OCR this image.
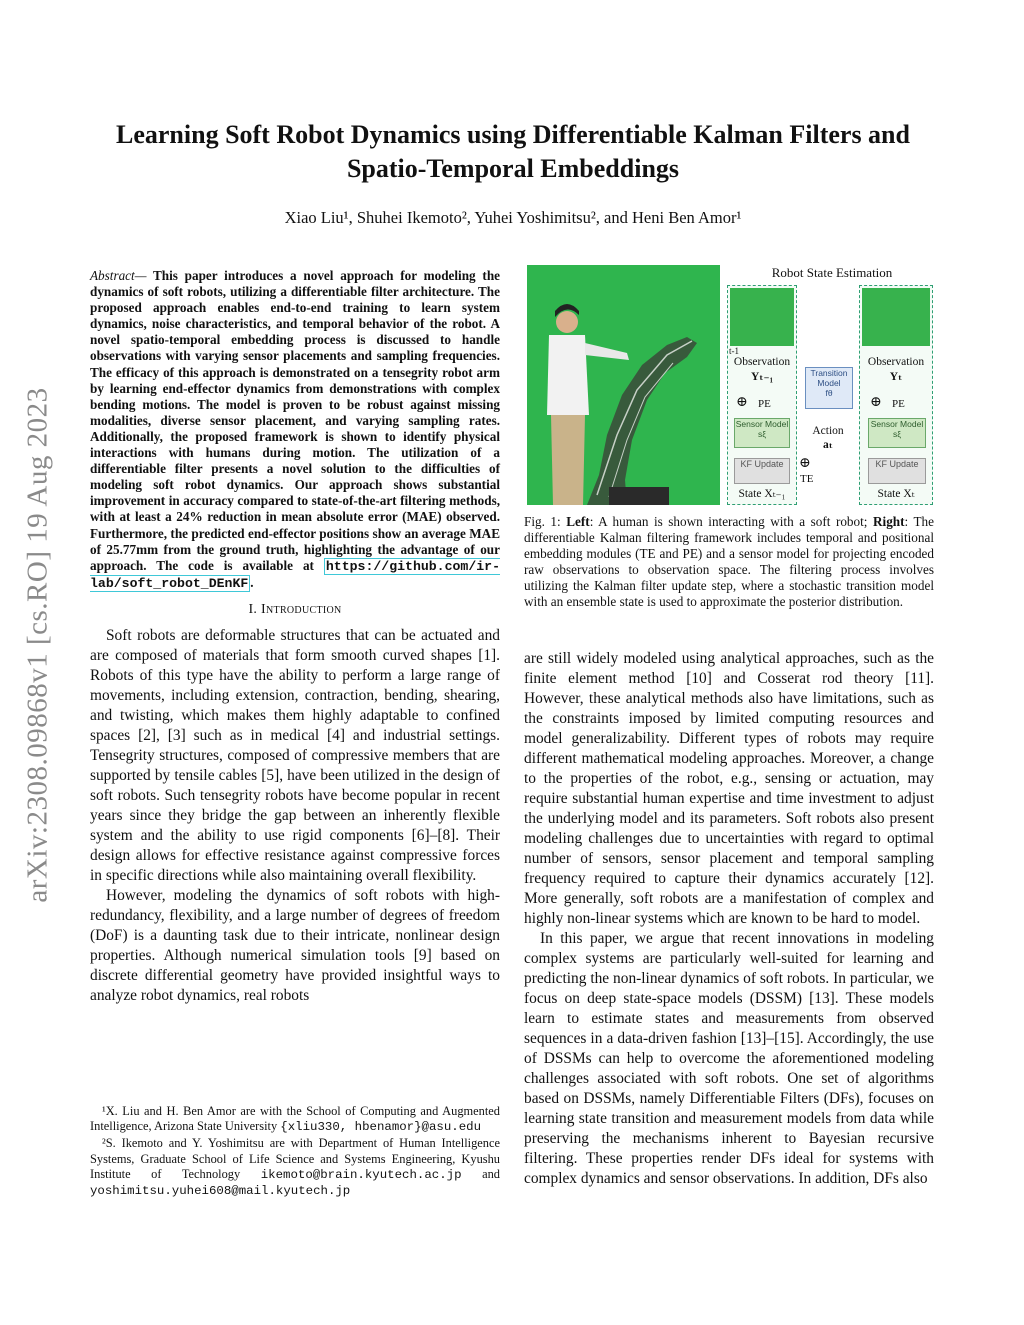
arXiv:2308.09868v1 [cs.RO] 19 Aug 2023
Learning Soft Robot Dynamics using Differentiable Kalman Filters and
Spatio-Temporal Embeddings
Xiao Liu¹, Shuhei Ikemoto², Yuhei Yoshimitsu², and Heni Ben Amor¹

Abstract— This paper introduces a novel approach for modeling the dynamics of soft robots, utilizing a differentiable filter architecture. The proposed approach enables end-to-end training to learn system dynamics, noise characteristics, and temporal behavior of the robot. A novel spatio-temporal embedding process is discussed to handle observations with varying sensor placements and sampling frequencies. The efficacy of this approach is demonstrated on a tensegrity robot arm by learning end-effector dynamics from demonstrations with complex bending motions. The model is proven to be robust against missing modalities, diverse sensor placement, and varying sampling rates. Additionally, the proposed framework is shown to identify physical interactions with humans during motion. The utilization of a differentiable filter presents a novel solution to the difficulties of modeling soft robot dynamics. Our approach shows substantial improvement in accuracy compared to state-of-the-art filtering methods, with at least a 24% reduction in mean absolute error (MAE) observed. Furthermore, the predicted end-effector positions show an average MAE of 25.77mm from the ground truth, highlighting the advantage of our approach. The code is available at https://github.com/ir-lab/soft_robot_DEnKF .

I. Introduction

Soft robots are deformable structures that can be actuated and are composed of materials that form smooth curved shapes [1]. Robots of this type have the ability to perform a large range of movements, including extension, contraction, bending, shearing, and twisting, which makes them highly adaptable to confined spaces [2], [3] such as in medical [4] and industrial settings. Tensegrity structures, composed of compressive members that are supported by tensile cables [5], have been utilized in the design of soft robots. Such tensegrity robots have become popular in recent years since they bridge the gap between an inherently flexible system and the ability to use rigid components [6]–[8]. Their design allows for effective resistance against compressive forces in specific directions while also maintaining overall flexibility.

However, modeling the dynamics of soft robots with high-redundancy, flexibility, and a large number of degrees of freedom (DoF) is a daunting task due to their intricate, nonlinear design properties. Although numerical simulation tools [9] based on discrete differential geometry have provided insightful ways to analyze robot dynamics, real robots

¹X. Liu and H. Ben Amor are with the School of Computing and Augmented Intelligence, Arizona State University {xliu330, hbenamor}@asu.edu

²S. Ikemoto and Y. Yoshimitsu are with Department of Human Intelligence Systems, Graduate School of Life Science and Systems Engineering, Kyushu Institute of Technology ikemoto@brain.kyutech.ac.jp and yoshimitsu.yuhei608@mail.kyutech.jp

Robot State Estimation
t-1
Observation
Yₜ₋₁
⊕ PE
Sensor Model
sξ
KF Update
State Xₜ₋₁
Transition Model
fθ
Action
aₜ
⊕
TE
Observation
Yₜ
⊕ PE
Sensor Model
sξ
KF Update
State Xₜ
Fig. 1: Left: A human is shown interacting with a soft robot; Right: The differentiable Kalman filtering framework includes temporal and positional embedding modules (TE and PE) and a sensor model for projecting encoded raw observations to observation space. The filtering process involves utilizing the Kalman filter update step, where a stochastic transition model with an ensemble state is used to approximate the posterior distribution.

are still widely modeled using analytical approaches, such as the finite element method [10] and Cosserat rod theory [11]. However, these analytical methods also have limitations, such as the constraints imposed by limited computing resources and model generalizability. Different types of robots may require different mathematical modeling approaches. Moreover, a change to the properties of the robot, e.g., sensing or actuation, may require substantial human expertise and time investment to adjust the underlying model and its parameters. Soft robots also present modeling challenges due to uncertainties with regard to optimal number of sensors, sensor placement and temporal sampling frequency required to capture their dynamics accurately [12]. More generally, soft robots are a manifestation of complex and highly non-linear systems which are known to be hard to model.

In this paper, we argue that recent innovations in modeling complex systems are particularly well-suited for learning and predicting the non-linear dynamics of soft robots. In particular, we focus on deep state-space models (DSSM) [13]. These models learn to estimate states and measurements from observed sequences in a data-driven fashion [13]–[15]. Accordingly, the use of DSSMs can help to overcome the aforementioned modeling challenges associated with soft robots. One set of algorithms based on DSSMs, namely Differentiable Filters (DFs), focuses on learning state transition and measurement models from data while preserving the mechanisms inherent to Bayesian recursive filtering. These properties render DFs ideal for systems with complex dynamics and sensor observations. In addition, DFs also
